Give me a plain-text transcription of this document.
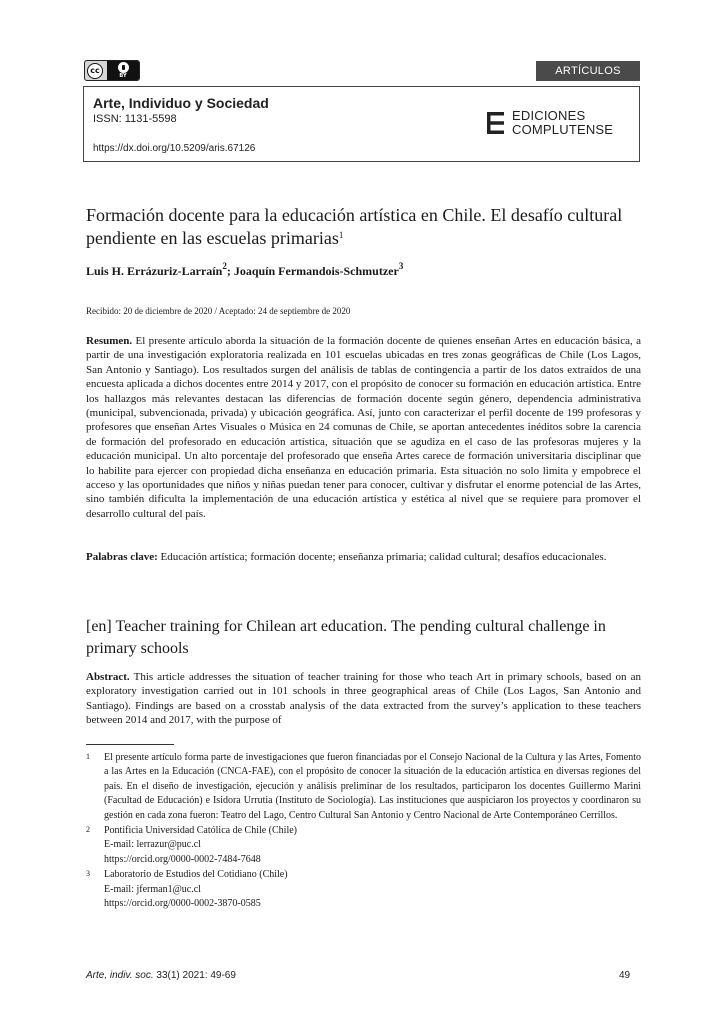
cc
BY	ARTÍCULOS
Arte, Individuo y Sociedad
ISSN: 1131-5598
https://dx.doi.org/10.5209/aris.67126
EDICIONES
COMPLUTENSE
Formación docente para la educación artística en Chile. El desafío cultural pendiente en las escuelas primarias$^1$
Luis H. Errázuriz-Larraín$^2$; Joaquín Fermandois-Schmutzer$^3$
Recibido: 20 de diciembre de 2020 / Aceptado: 24 de septiembre de 2020

Resumen. El presente artículo aborda la situación de la formación docente de quienes enseñan Artes en educación básica, a partir de una investigación exploratoria realizada en 101 escuelas ubicadas en tres zonas geográficas de Chile (Los Lagos, San Antonio y Santiago). Los resultados surgen del análisis de tablas de contingencia a partir de los datos extraídos de una encuesta aplicada a dichos docentes entre 2014 y 2017, con el propósito de conocer su formación en educación artística. Entre los hallazgos más relevantes destacan las diferencias de formación docente según género, dependencia administrativa (municipal, subvencionada, privada) y ubicación geográfica. Así, junto con caracterizar el perfil docente de 199 profesoras y profesores que enseñan Artes Visuales o Música en 24 comunas de Chile, se aportan antecedentes inéditos sobre la carencia de formación del profesorado en educación artística, situación que se agudiza en el caso de las profesoras mujeres y la educación municipal. Un alto porcentaje del profesorado que enseña Artes carece de formación universitaria disciplinar que lo habilite para ejercer con propiedad dicha enseñanza en educación primaria. Esta situación no solo limita y empobrece el acceso y las oportunidades que niños y niñas puedan tener para conocer, cultivar y disfrutar el enorme potencial de las Artes, sino también dificulta la implementación de una educación artística y estética al nivel que se requiere para promover el desarrollo cultural del país.

Palabras clave: Educación artística; formación docente; enseñanza primaria; calidad cultural; desafíos educacionales.

[en] Teacher training for Chilean art education. The pending cultural challenge in primary schools

Abstract. This article addresses the situation of teacher training for those who teach Art in primary schools, based on an exploratory investigation carried out in 101 schools in three geographical areas of Chile (Los Lagos, San Antonio and Santiago). Findings are based on a crosstab analysis of the data extracted from the survey’s application to these teachers between 2014 and 2017, with the purpose of

1	El presente artículo forma parte de investigaciones que fueron financiadas por el Consejo Nacional de la Cultura y las Artes, Fomento a las Artes en la Educación (CNCA-FAE), con el propósito de conocer la situación de la educación artística en diversas regiones del país. En el diseño de investigación, ejecución y análisis preliminar de los resultados, participaron los docentes Guillermo Marini (Facultad de Educación) e Isidora Urrutia (Instituto de Sociología). Las instituciones que auspiciaron los proyectos y coordinaron su gestión en cada zona fueron: Teatro del Lago, Centro Cultural San Antonio y Centro Nacional de Arte Contemporáneo Cerrillos.
2	Pontificia Universidad Católica de Chile (Chile)
E-mail: lerrazur@puc.cl
https://orcid.org/0000-0002-7484-7648
3	Laboratorio de Estudios del Cotidiano (Chile)
E-mail: jferman1@uc.cl
https://orcid.org/0000-0002-3870-0585
Arte, indiv. soc. 33(1) 2021: 49-69	49
